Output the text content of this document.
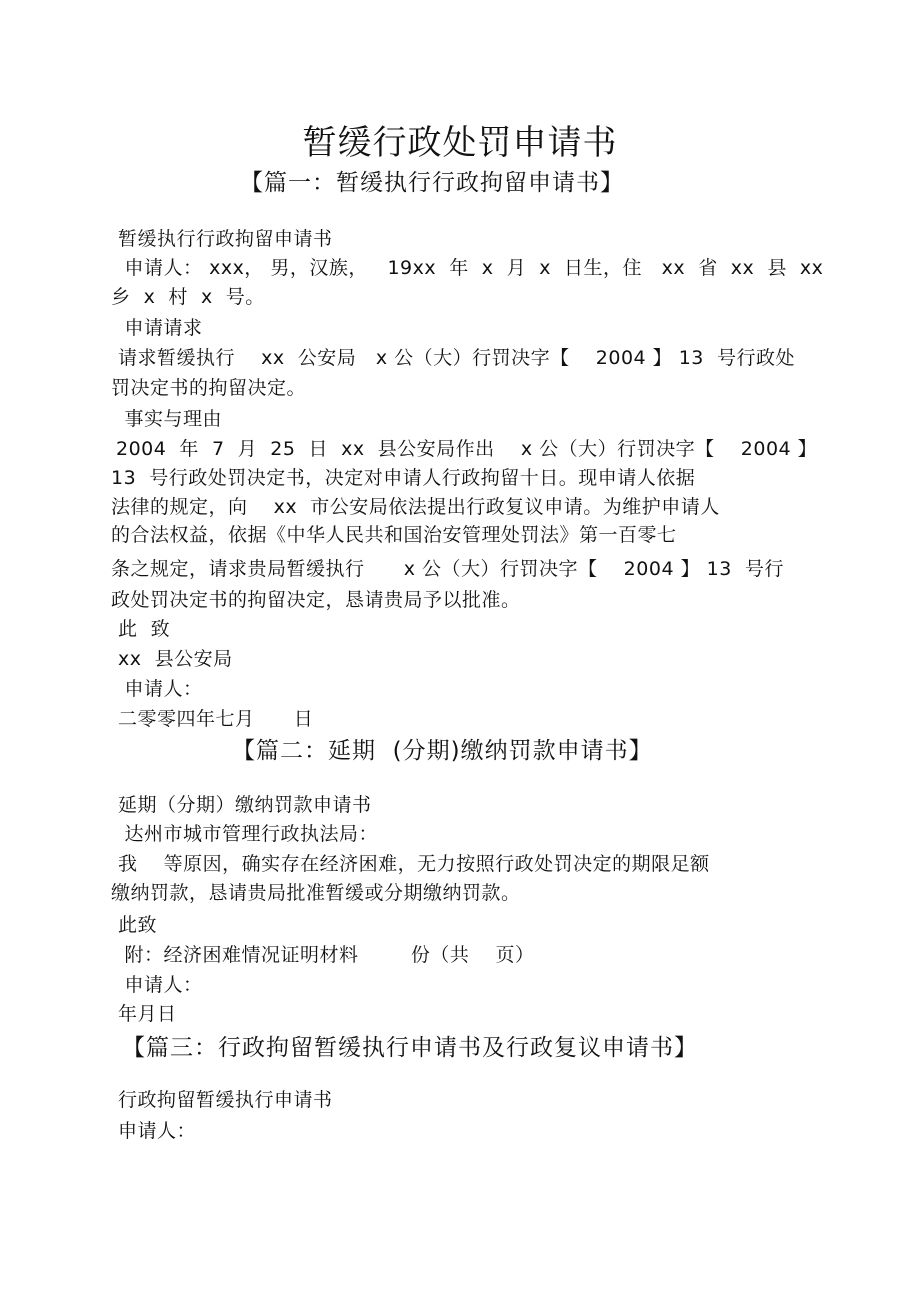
暂缓行政处罚申请书
【篇一：暂缓执行行政拘留申请书】
暂缓执行行政拘留申请书
申请人： xxx， 男，汉族，   19xx  年  x  月  x  日生，住   xx  省  xx  县  xx
乡  x  村  x  号。
申请请求
请求暂缓执行    xx  公安局   x 公（大）行罚决字【    2004 】 13  号行政处
罚决定书的拘留决定。
事实与理由
2004  年  7  月  25  日  xx  县公安局作出    x 公（大）行罚决字【    2004 】
13  号行政处罚决定书，决定对申请人行政拘留十日。现申请人依据
法律的规定，向    xx  市公安局依法提出行政复议申请。为维护申请人
的合法权益，依据《中华人民共和国治安管理处罚法》第一百零七
条之规定，请求贵局暂缓执行      x 公（大）行罚决字【    2004 】 13  号行
政处罚决定书的拘留决定，恳请贵局予以批准。
此  致
xx  县公安局
申请人：
二零零四年七月      日
【篇二：延期  (分期)缴纳罚款申请书】
延期（分期）缴纳罚款申请书
达州市城市管理行政执法局：
我    等原因，确实存在经济困难，无力按照行政处罚决定的期限足额
缴纳罚款，恳请贵局批准暂缓或分期缴纳罚款。
此致
附：经济困难情况证明材料        份（共    页）
申请人：
年月日
【篇三：行政拘留暂缓执行申请书及行政复议申请书】
行政拘留暂缓执行申请书
申请人：
